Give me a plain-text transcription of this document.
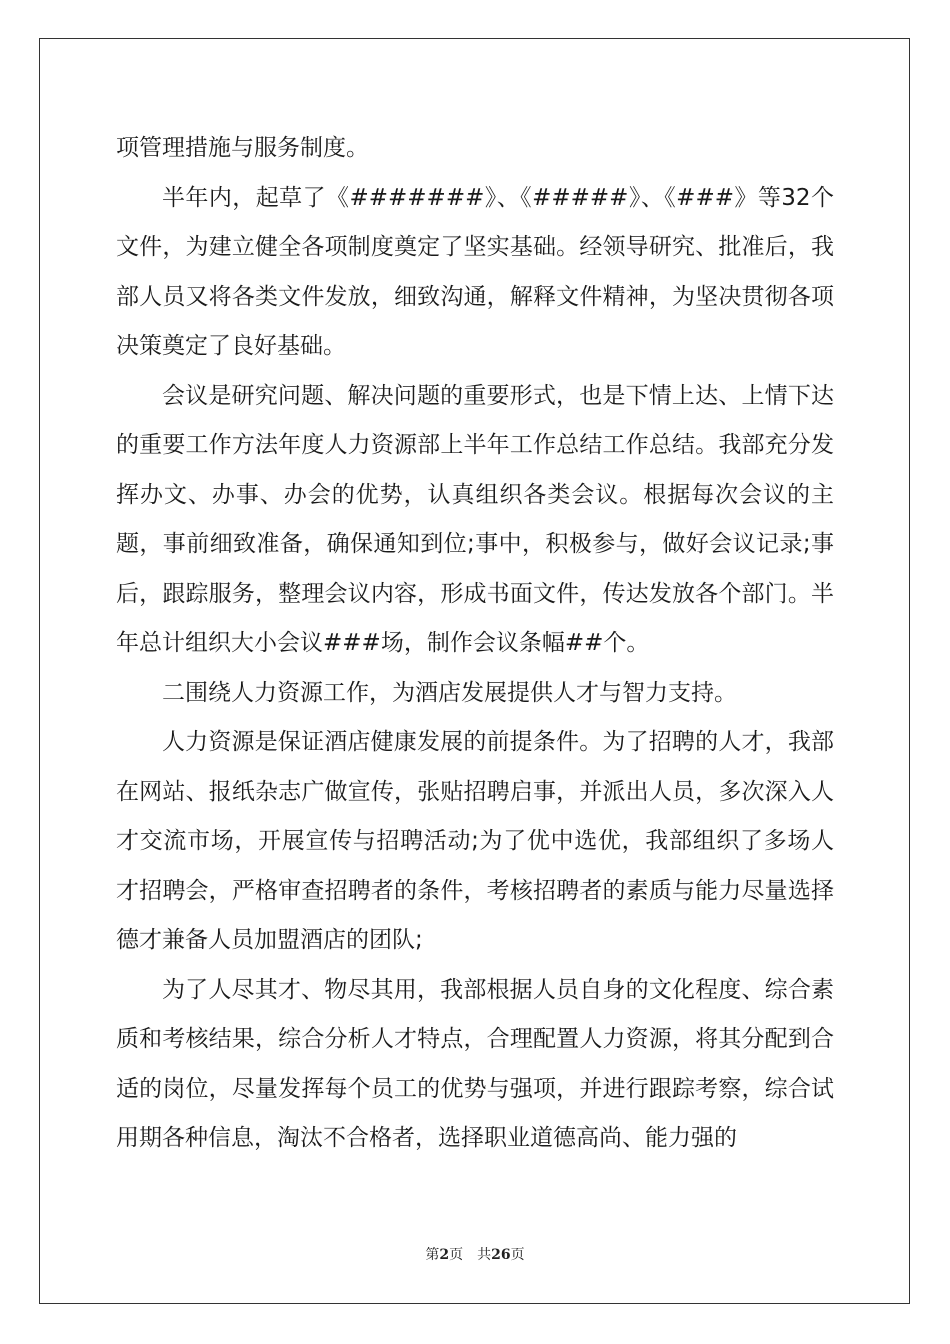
项管理措施与服务制度。

半年内，起草了《#######》、《#####》、《###》等32个文件，为建立健全各项制度奠定了坚实基础。经领导研究、批准后，我部人员又将各类文件发放，细致沟通，解释文件精神，为坚决贯彻各项决策奠定了良好基础。

会议是研究问题、解决问题的重要形式，也是下情上达、上情下达的重要工作方法年度人力资源部上半年工作总结工作总结。我部充分发挥办文、办事、办会的优势，认真组织各类会议。根据每次会议的主题，事前细致准备，确保通知到位;事中，积极参与，做好会议记录;事后，跟踪服务，整理会议内容，形成书面文件，传达发放各个部门。半年总计组织大小会议###场，制作会议条幅##个。

二围绕人力资源工作，为酒店发展提供人才与智力支持。

人力资源是保证酒店健康发展的前提条件。为了招聘的人才，我部在网站、报纸杂志广做宣传，张贴招聘启事，并派出人员，多次深入人才交流市场，开展宣传与招聘活动;为了优中选优，我部组织了多场人才招聘会，严格审查招聘者的条件，考核招聘者的素质与能力尽量选择德才兼备人员加盟酒店的团队;

为了人尽其才、物尽其用，我部根据人员自身的文化程度、综合素质和考核结果，综合分析人才特点，合理配置人力资源，将其分配到合适的岗位，尽量发挥每个员工的优势与强项，并进行跟踪考察，综合试用期各种信息，淘汰不合格者，选择职业道德高尚、能力强的

第2页 共26页
